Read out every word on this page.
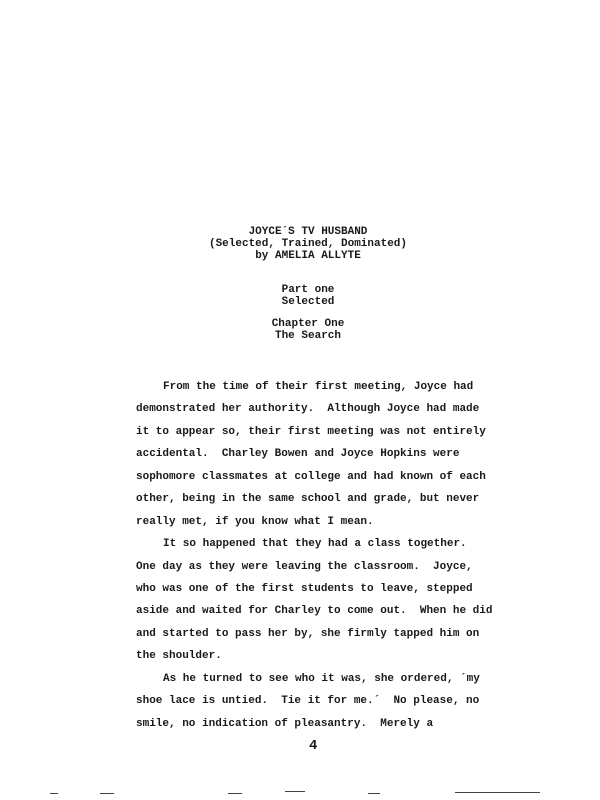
JOYCE´S TV HUSBAND
(Selected, Trained, Dominated)
by AMELIA ALLYTE
Part one
Selected
Chapter One
The Search
From the time of their first meeting, Joyce had
demonstrated her authority.  Although Joyce had made
it to appear so, their first meeting was not entirely
accidental.  Charley Bowen and Joyce Hopkins were
sophomore classmates at college and had known of each
other, being in the same school and grade, but never
really met, if you know what I mean.
It so happened that they had a class together.
One day as they were leaving the classroom.  Joyce,
who was one of the first students to leave, stepped
aside and waited for Charley to come out.  When he did
and started to pass her by, she firmly tapped him on
the shoulder.
As he turned to see who it was, she ordered, ´my
shoe lace is untied.  Tie it for me.´  No please, no
smile, no indication of pleasantry.  Merely a
4
